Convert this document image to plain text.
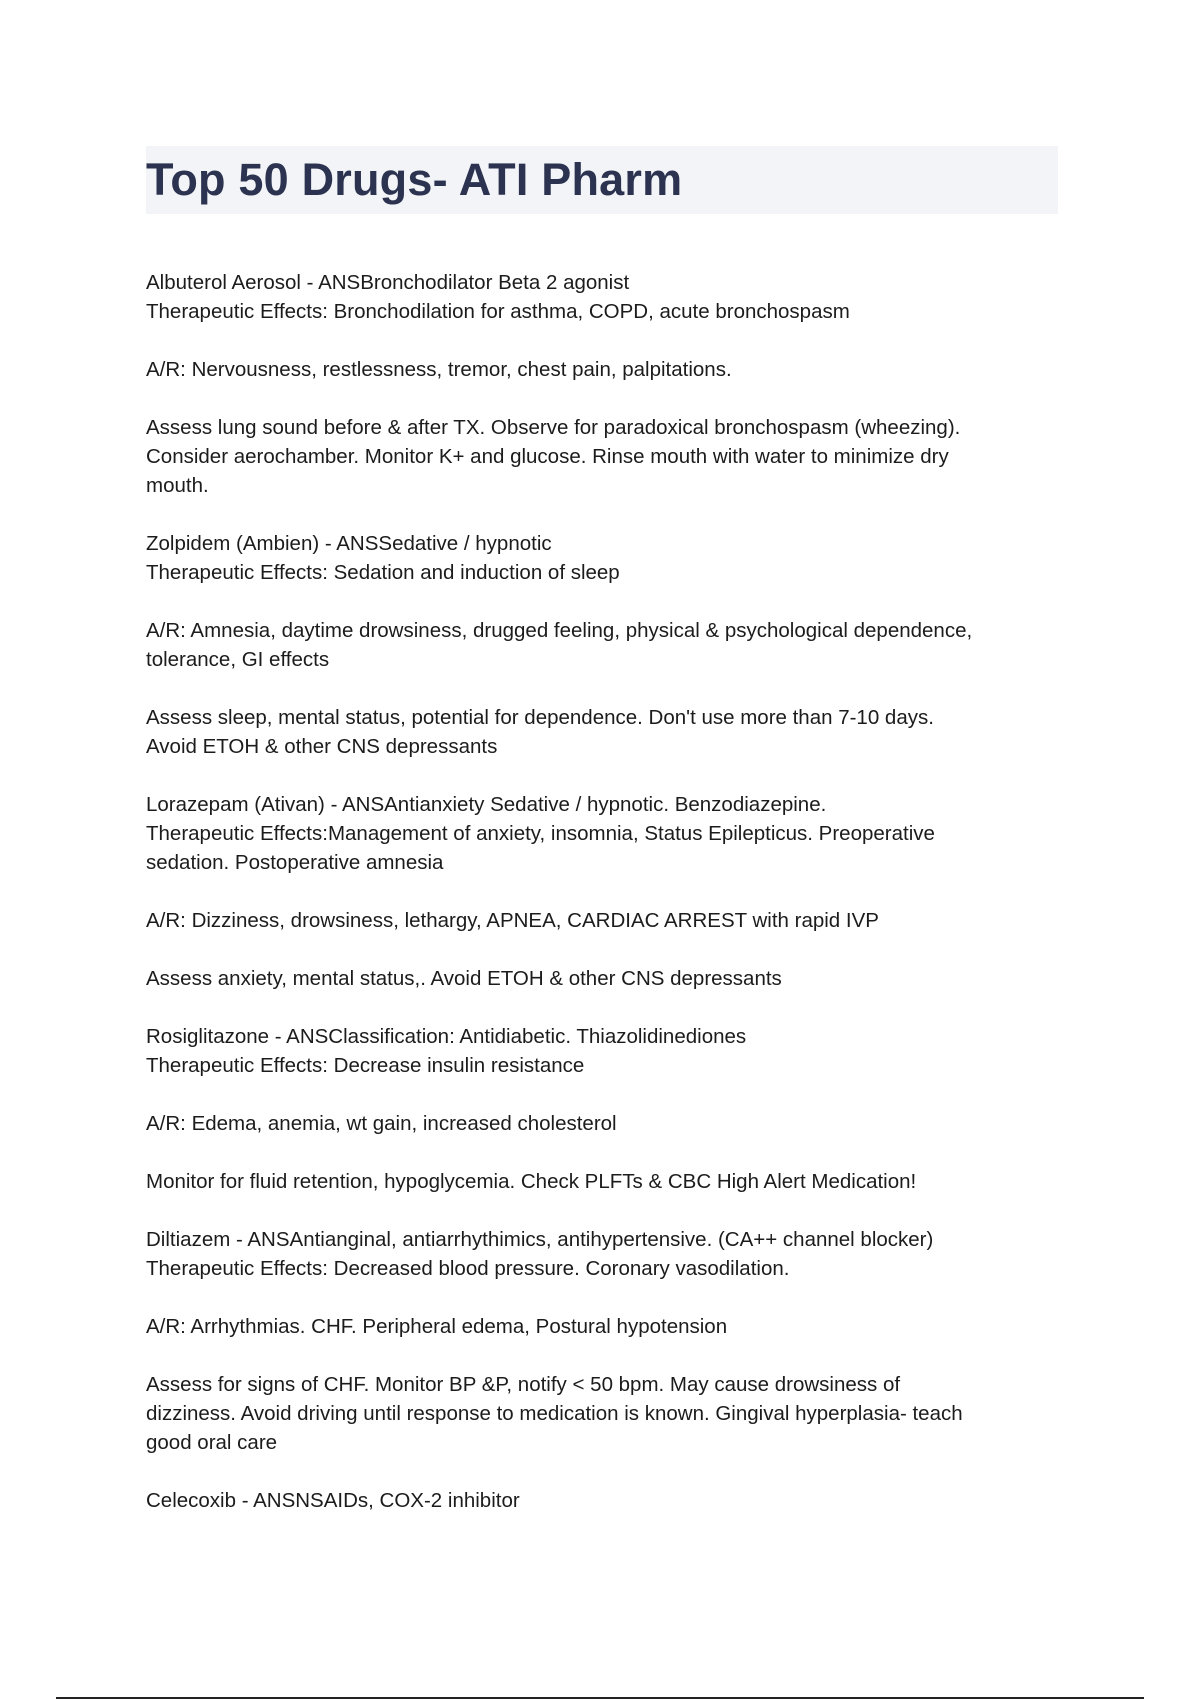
Top 50 Drugs- ATI Pharm

Albuterol Aerosol - ANSBronchodilator Beta 2 agonist
Therapeutic Effects: Bronchodilation for asthma, COPD, acute bronchospasm

A/R: Nervousness, restlessness, tremor, chest pain, palpitations.

Assess lung sound before & after TX. Observe for paradoxical bronchospasm (wheezing).
Consider aerochamber. Monitor K+ and glucose. Rinse mouth with water to minimize dry
mouth.

Zolpidem (Ambien) - ANSSedative / hypnotic
Therapeutic Effects: Sedation and induction of sleep

A/R: Amnesia, daytime drowsiness, drugged feeling, physical & psychological dependence,
tolerance, GI effects

Assess sleep, mental status, potential for dependence. Don't use more than 7-10 days.
Avoid ETOH & other CNS depressants

Lorazepam (Ativan) - ANSAntianxiety Sedative / hypnotic. Benzodiazepine.
Therapeutic Effects:Management of anxiety, insomnia, Status Epilepticus. Preoperative
sedation. Postoperative amnesia

A/R: Dizziness, drowsiness, lethargy, APNEA, CARDIAC ARREST with rapid IVP

Assess anxiety, mental status,. Avoid ETOH & other CNS depressants

Rosiglitazone - ANSClassification: Antidiabetic. Thiazolidinediones
Therapeutic Effects: Decrease insulin resistance

A/R: Edema, anemia, wt gain, increased cholesterol

Monitor for fluid retention, hypoglycemia. Check PLFTs & CBC High Alert Medication!

Diltiazem - ANSAntianginal, antiarrhythimics, antihypertensive. (CA++ channel blocker)
Therapeutic Effects: Decreased blood pressure. Coronary vasodilation.

A/R: Arrhythmias. CHF. Peripheral edema, Postural hypotension

Assess for signs of CHF. Monitor BP &P, notify < 50 bpm. May cause drowsiness of
dizziness. Avoid driving until response to medication is known. Gingival hyperplasia- teach
good oral care

Celecoxib - ANSNSAIDs, COX-2 inhibitor
